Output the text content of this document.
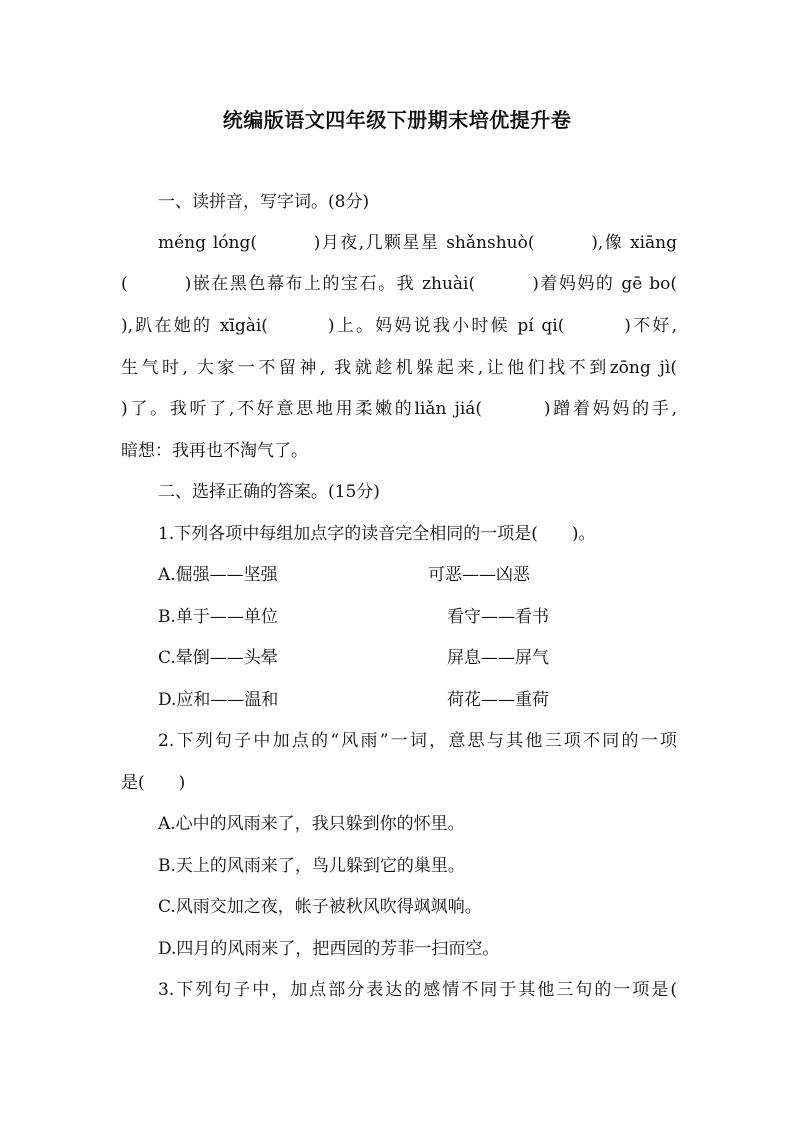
统编版语文四年级下册期末培优提升卷
一、读拼音，写字词。(8分)
méng lóng(　　　)月夜,几颗星星 shǎnshuò(　　　),像 xiāng
(　　　)嵌在黑色幕布上的宝石。我 zhuài(　　　)着妈妈的 gē bo(
),趴在她的 xīgài(　　　)上。妈妈说我小时候 pí qi(　　　)不好,
生气时, 大家一不留神, 我就趁机躲起来,让他们找不到zōng jì(
)了。我听了,不好意思地用柔嫩的liǎn jiá(　　　)蹭着妈妈的手,
暗想：我再也不淘气了。
二、选择正确的答案。(15分)
1.下列各项中每组加点字的读音完全相同的一项是(　　)。
A.倔强——坚强	可恶——凶恶
B.单于——单位	看守——看书
C.晕倒——头晕	屏息——屏气
D.应和——温和	荷花——重荷
2.下列句子中加点的“风雨”一词，意思与其他三项不同的一项
是(　　)
A.心中的风雨来了，我只躲到你的怀里。
B.天上的风雨来了，鸟儿躲到它的巢里。
C.风雨交加之夜，帐子被秋风吹得飒飒响。
D.四月的风雨来了，把西园的芳菲一扫而空。
3.下列句子中，加点部分表达的感情不同于其他三句的一项是(
